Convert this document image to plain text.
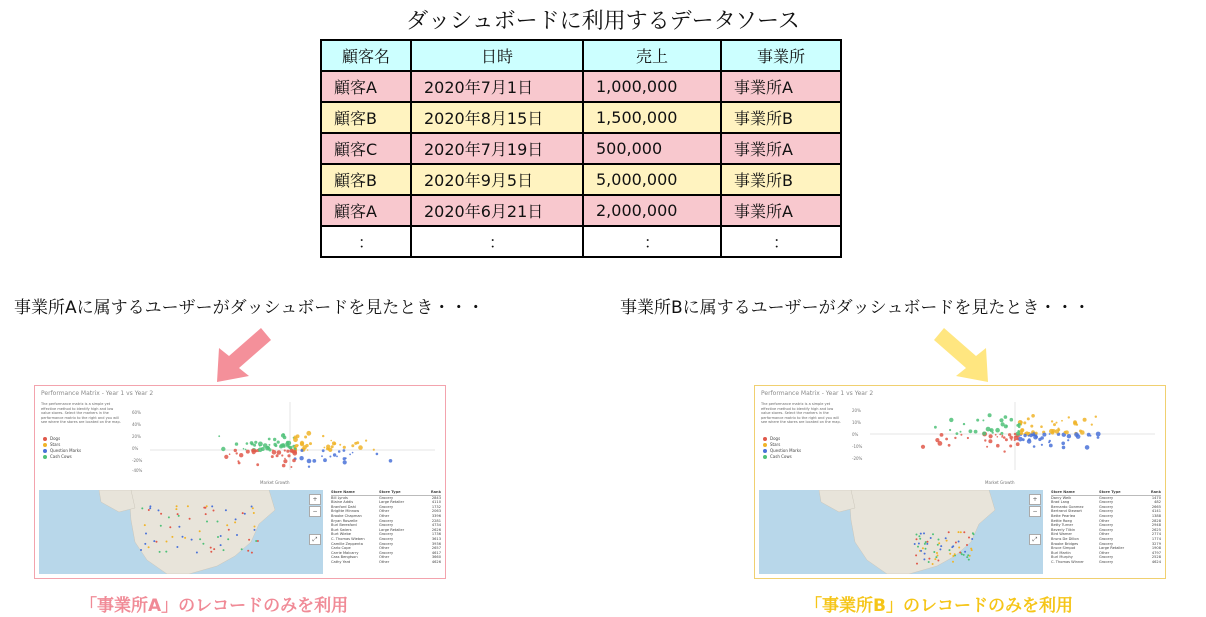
ダッシュボードに利用するデータソース
顧客名	日時	売上	事業所
顧客A	2020年7月1日	1,000,000	事業所A
顧客B	2020年8月15日	1,500,000	事業所B
顧客C	2020年7月19日	500,000	事業所A
顧客B	2020年9月5日	5,000,000	事業所B
顧客A	2020年6月21日	2,000,000	事業所A
：	：	：	：
事業所Aに属するユーザーがダッシュボードを見たとき・・・	事業所Bに属するユーザーがダッシュボードを見たとき・・・
Performance Matrix - Year 1 vs Year 2
The performance matrix is a simple yet effective method to identify high and low value stores. Select the markers in the performance matrix to the right and you will see where the stores are located on the map.
Dogs
Stars
Question Marks
Cash Cows
60%
40%
20%
0%
-20%
-40%
Market Growth
+
−
⤢
Store Name	Store Type	Rank
Bill Lynds	Grocery	2843
Blaine Addis	Large Retailer	4110
Branford Dahl	Grocery	1732
Brigitte Minnow	Other	2063
Brooke Chapman	Other	3396
Bryan Roszelle	Grocery	2281
Burl Beresford	Grocery	4734
Burt Swiers	Large Retailer	2626
Burt Wiebe	Grocery	1736
C. Thomas Wieben	Grocery	3613
Camille Zeppenta	Grocery	3936
Carlo Cope	Other	2657
Carrie Malcarry	Grocery	4617
Cass Bengtson	Other	3660
Cathy Yard	Other	4626
Performance Matrix - Year 1 vs Year 2
The performance matrix is a simple yet effective method to identify high and low value stores. Select the markers in the performance matrix to the right and you will see where the stores are located on the map.
Dogs
Stars
Question Marks
Cash Cows
20%
10%
0%
-10%
-20%
Market Growth
+
−
⤢
Store Name	Store Type	Rank
Darcy Weik	Grocery	1470
Brad Lang	Grocery	482
Bernardo Gonmez	Grocery	2665
Bertrand Stewart	Grocery	4141
Bette Pearlea	Grocery	1388
Bettie Roeg	Other	2828
Betty Turner	Grocery	2948
Beverly Tilkin	Grocery	2625
Bird Wamer	Other	2774
Bruns De Dillon	Grocery	1774
Brooke Bridges	Grocery	3279
Bruce Simpot	Large Retailer	1908
Burl Martin	Other	4797
Burl Murphy	Grocery	2528
C. Thomas Winner	Grocery	4624
「事業所A」のレコードのみを利用	「事業所B」のレコードのみを利用
